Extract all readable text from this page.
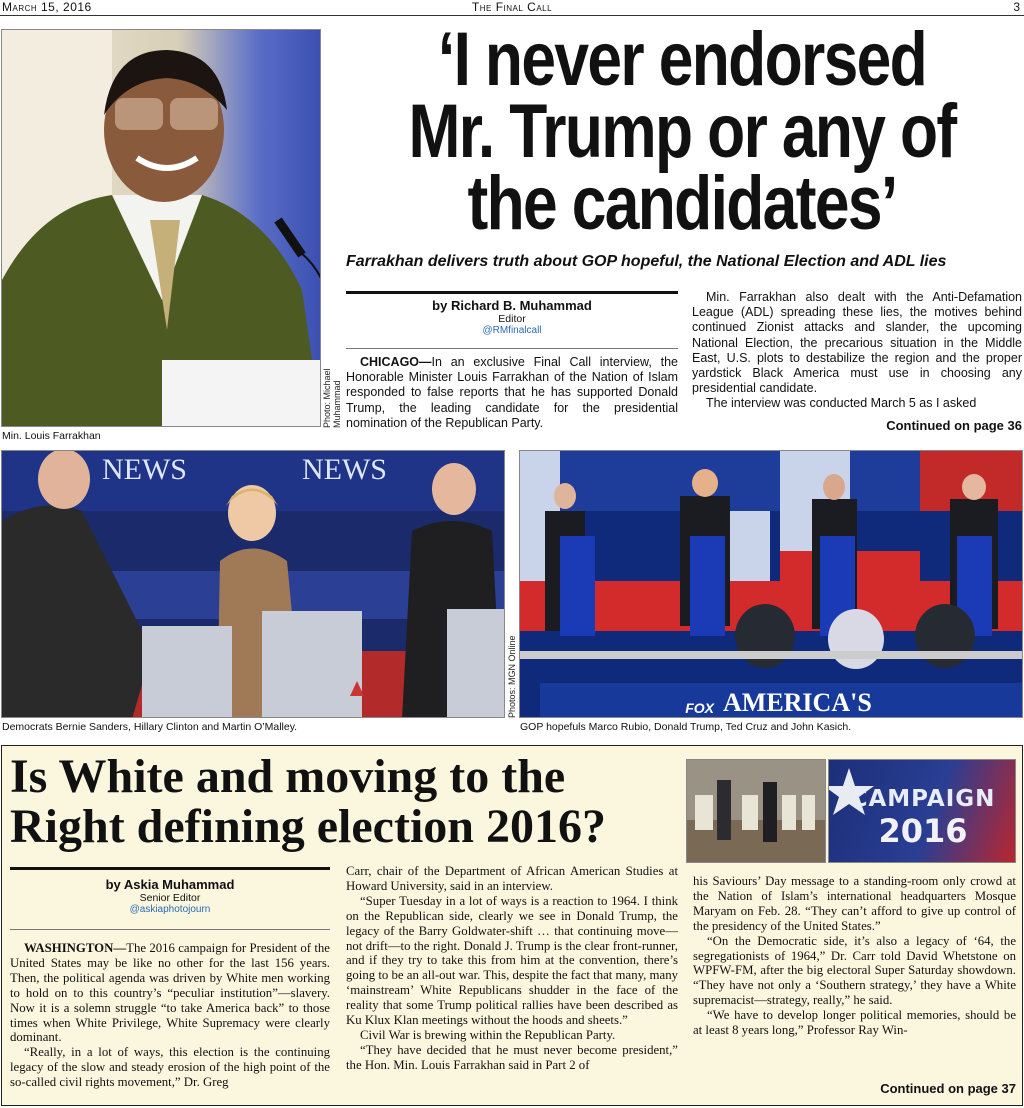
March 15, 2016	The Final Call	3
Photo: Michael Muhammad
Min. Louis Farrakhan
‘I never endorsed
Mr. Trump or any of
the candidates’
Farrakhan delivers truth about GOP hopeful, the National Election and ADL lies
by Richard B. Muhammad
Editor
@RMfinalcall

CHICAGO—In an exclusive Final Call interview, the Honorable Minister Louis Farrakhan of the Nation of Islam responded to false reports that he has supported Donald Trump, the leading candidate for the presidential nomination of the Republican Party.

Min. Farrakhan also dealt with the Anti-Defamation League (ADL) spreading these lies, the motives behind continued Zionist attacks and slander, the upcoming National Election, the precarious situation in the Middle East, U.S. plots to destabilize the region and the proper yardstick Black America must use in choosing any presidential candidate.

The interview was conducted March 5 as I asked

Continued on page 36
NEWS	NEWS
Democrats Bernie Sanders, Hillary Clinton and Martin O’Malley.
Photos: MGN Online	AMERICA'S
FOX
GOP hopefuls Marco Rubio, Donald Trump, Ted Cruz and John Kasich.
Is White and moving to the
Right defining election 2016?
CAMPAIGN
2016
by Askia Muhammad
Senior Editor
@askiaphotojourn

WASHINGTON—The 2016 campaign for President of the United States may be like no other for the last 156 years. Then, the political agenda was driven by White men working to hold on to this country’s “peculiar institution”—slavery. Now it is a solemn struggle “to take America back” to those times when White Privilege, White Supremacy were clearly dominant.

“Really, in a lot of ways, this election is the continuing legacy of the slow and steady erosion of the high point of the so-called civil rights movement,” Dr. Greg

Carr, chair of the Department of African American Studies at Howard University, said in an interview.

“Super Tuesday in a lot of ways is a reaction to 1964. I think on the Republican side, clearly we see in Donald Trump, the legacy of the Barry Goldwater-shift … that continuing move—not drift—to the right. Donald J. Trump is the clear front-runner, and if they try to take this from him at the convention, there’s going to be an all-out war. This, despite the fact that many, many ‘mainstream’ White Republicans shudder in the face of the reality that some Trump political rallies have been described as Ku Klux Klan meetings without the hoods and sheets.”

Civil War is brewing within the Republican Party.

“They have decided that he must never become president,” the Hon. Min. Louis Farrakhan said in Part 2 of

his Saviours’ Day message to a standing-room only crowd at the Nation of Islam’s international headquarters Mosque Maryam on Feb. 28. “They can’t afford to give up control of the presidency of the United States.”

“On the Democratic side, it’s also a legacy of ‘64, the segregationists of 1964,” Dr. Carr told David Whetstone on WPFW-FM, after the big electoral Super Saturday showdown. “They have not only a ‘Southern strategy,’ they have a White supremacist—strategy, really,” he said.

“We have to develop longer political memories, should be at least 8 years long,” Professor Ray Win-

Continued on page 37
